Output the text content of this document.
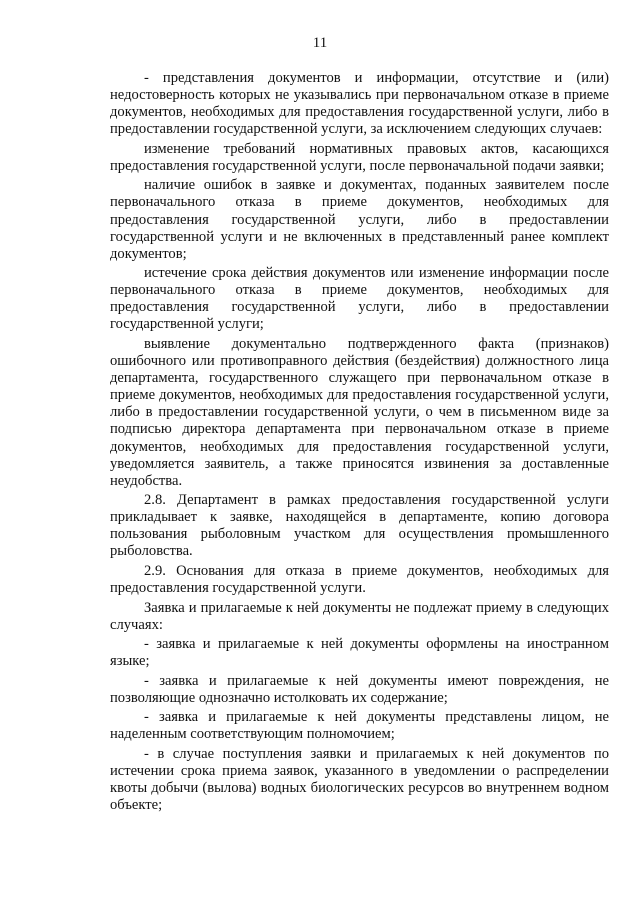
11

- представления документов и информации, отсутствие и (или) недостоверность которых не указывались при первоначальном отказе в приеме документов, необходимых для предоставления государственной услуги, либо в предоставлении государственной услуги, за исключением следующих случаев:

изменение требований нормативных правовых актов, касающихся предоставления государственной услуги, после первоначальной подачи заявки;

наличие ошибок в заявке и документах, поданных заявителем после первоначального отказа в приеме документов, необходимых для предоставления государственной услуги, либо в предоставлении государственной услуги и не включенных в представленный ранее комплект документов;

истечение срока действия документов или изменение информации после первоначального отказа в приеме документов, необходимых для предоставления государственной услуги, либо в предоставлении государственной услуги;

выявление документально подтвержденного факта (признаков) ошибочного или противоправного действия (бездействия) должностного лица департамента, государственного служащего при первоначальном отказе в приеме документов, необходимых для предоставления государственной услуги, либо в предоставлении государственной услуги, о чем в письменном виде за подписью директора департамента при первоначальном отказе в приеме документов, необходимых для предоставления государственной услуги, уведомляется заявитель, а также приносятся извинения за доставленные неудобства.

2.8. Департамент в рамках предоставления государственной услуги прикладывает к заявке, находящейся в департаменте, копию договора пользования рыболовным участком для осуществления промышленного рыболовства.

2.9. Основания для отказа в приеме документов, необходимых для предоставления государственной услуги.

Заявка и прилагаемые к ней документы не подлежат приему в следующих случаях:

- заявка и прилагаемые к ней документы оформлены на иностранном языке;

- заявка и прилагаемые к ней документы имеют повреждения, не позволяющие однозначно истолковать их содержание;

- заявка и прилагаемые к ней документы представлены лицом, не наделенным соответствующим полномочием;

- в случае поступления заявки и прилагаемых к ней документов по истечении срока приема заявок, указанного в уведомлении о распределении квоты добычи (вылова) водных биологических ресурсов во внутреннем водном объекте;
